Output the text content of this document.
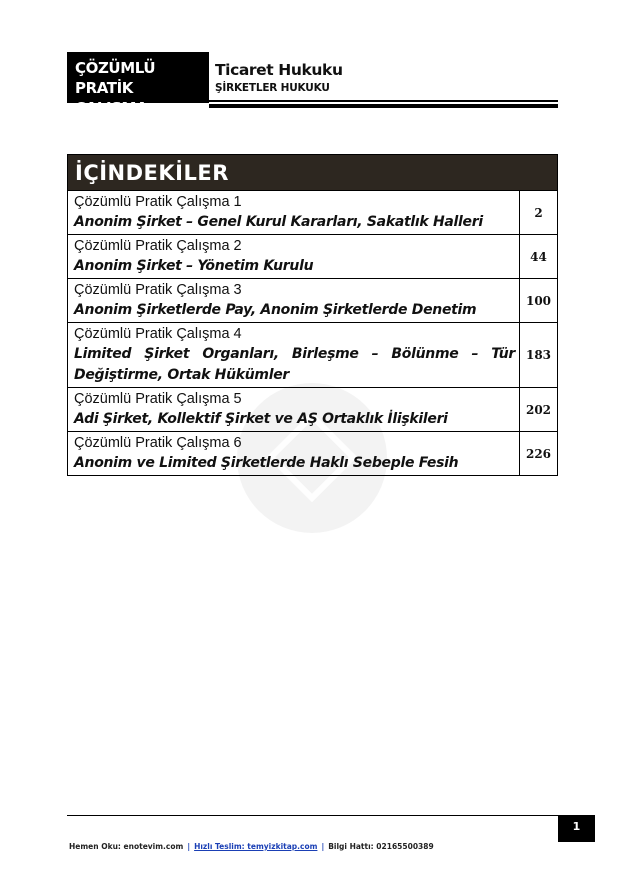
ÇÖZÜMLÜ
PRATİK ÇALIŞMA
Ticaret Hukuku
ŞİRKETLER HUKUKU
İÇİNDEKİLER
Çözümlü Pratik Çalışma 1
Anonim Şirket – Genel Kurul Kararları, Sakatlık Halleri
2
Çözümlü Pratik Çalışma 2
Anonim Şirket – Yönetim Kurulu
44
Çözümlü Pratik Çalışma 3
Anonim Şirketlerde Pay, Anonim Şirketlerde Denetim
100
Çözümlü Pratik Çalışma 4
Limited Şirket Organları, Birleşme – Bölünme – Tür Değiştirme, Ortak Hükümler
183
Çözümlü Pratik Çalışma 5
Adi Şirket, Kollektif Şirket ve AŞ Ortaklık İlişkileri
202
Çözümlü Pratik Çalışma 6
Anonim ve Limited Şirketlerde Haklı Sebeple Fesih
226
1
Hemen Oku: enotevim.com | Hızlı Teslim: temyizkitap.com | Bilgi Hattı: 02165500389
